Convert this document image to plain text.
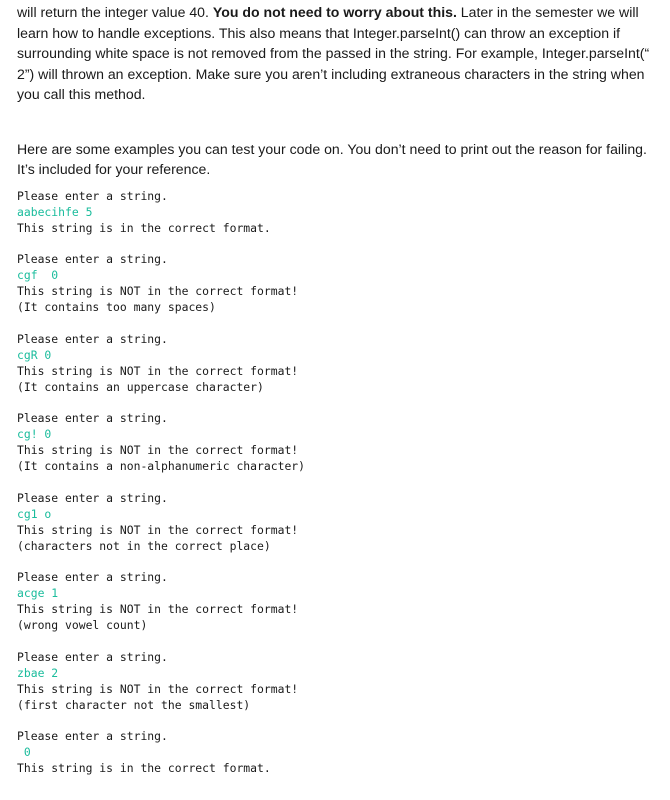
will return the integer value 40. You do not need to worry about this. Later in the semester we will learn how to handle exceptions. This also means that Integer.parseInt() can throw an exception if surrounding white space is not removed from the passed in the string. For example, Integer.parseInt(“ 2”) will thrown an exception. Make sure you aren’t including extraneous characters in the string when you call this method.

Here are some examples you can test your code on. You don’t need to print out the reason for failing. It’s included for your reference.

Please enter a string.
aabecihfe 5
This string is in the correct format.
Please enter a string.
cgf  0
This string is NOT in the correct format!
(It contains too many spaces)
Please enter a string.
cgR 0
This string is NOT in the correct format!
(It contains an uppercase character)
Please enter a string.
cg! 0
This string is NOT in the correct format!
(It contains a non-alphanumeric character)
Please enter a string.
cg1 o
This string is NOT in the correct format!
(characters not in the correct place)
Please enter a string.
acge 1
This string is NOT in the correct format!
(wrong vowel count)
Please enter a string.
zbae 2
This string is NOT in the correct format!
(first character not the smallest)
Please enter a string.
0
This string is in the correct format.
